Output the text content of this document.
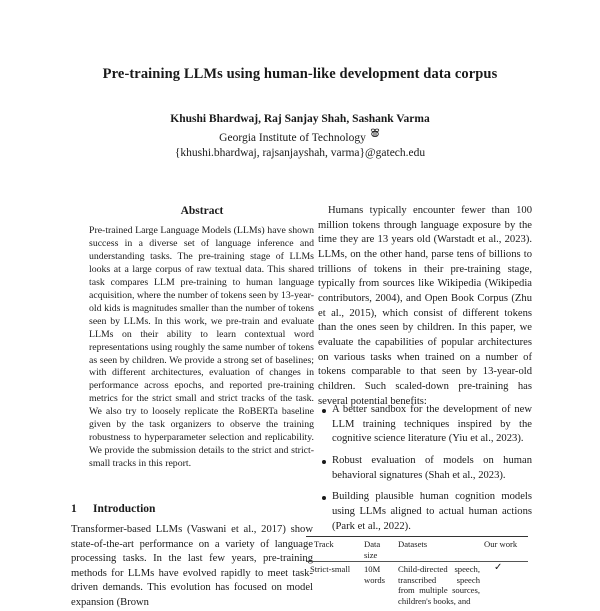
Pre-training LLMs using human-like development data corpus
Khushi Bhardwaj, Raj Sanjay Shah, Sashank Varma
Georgia Institute of Technology
{khushi.bhardwaj, rajsanjayshah, varma}@gatech.edu
Abstract

Pre-trained Large Language Models (LLMs) have shown success in a diverse set of language inference and understanding tasks. The pre-training stage of LLMs looks at a large corpus of raw textual data. This shared task compares LLM pre-training to human language acquisition, where the number of tokens seen by 13-year-old kids is magnitudes smaller than the number of tokens seen by LLMs. In this work, we pre-train and evaluate LLMs on their ability to learn contextual word representations using roughly the same number of tokens as seen by children. We provide a strong set of baselines; with different architectures, evaluation of changes in performance across epochs, and reported pre-training metrics for the strict small and strict tracks of the task. We also try to loosely replicate the RoBERTa baseline given by the task organizers to observe the training robustness to hyperparameter selection and replicability. We provide the submission details to the strict and strict-small tracks in this report.

1 Introduction

Transformer-based LLMs (Vaswani et al., 2017) show state-of-the-art performance on a variety of language processing tasks. In the last few years, pre-training methods for LLMs have evolved rapidly to meet task-driven demands. This evolution has focused on model expansion (Brown

Humans typically encounter fewer than 100 million tokens through language exposure by the time they are 13 years old (Warstadt et al., 2023). LLMs, on the other hand, parse tens of billions to trillions of tokens in their pre-training stage, typically from sources like Wikipedia (Wikipedia contributors, 2004), and Open Book Corpus (Zhu et al., 2015), which consist of different tokens than the ones seen by children. In this paper, we evaluate the capabilities of popular architectures on various tasks when trained on a number of tokens comparable to that seen by 13-year-old children. Such scaled-down pre-training has several potential benefits:

A better sandbox for the development of new LLM training techniques inspired by the cognitive science literature (Yiu et al., 2023).
Robust evaluation of models on human behavioral signatures (Shah et al., 2023).
Building plausible human cognition models using LLMs aligned to actual human actions (Park et al., 2022).
Track	Data size
Datasets	Our work
Strict-small 10M words
Child-directed speech, transcribed speech from multiple sources, children's books, and
✓
